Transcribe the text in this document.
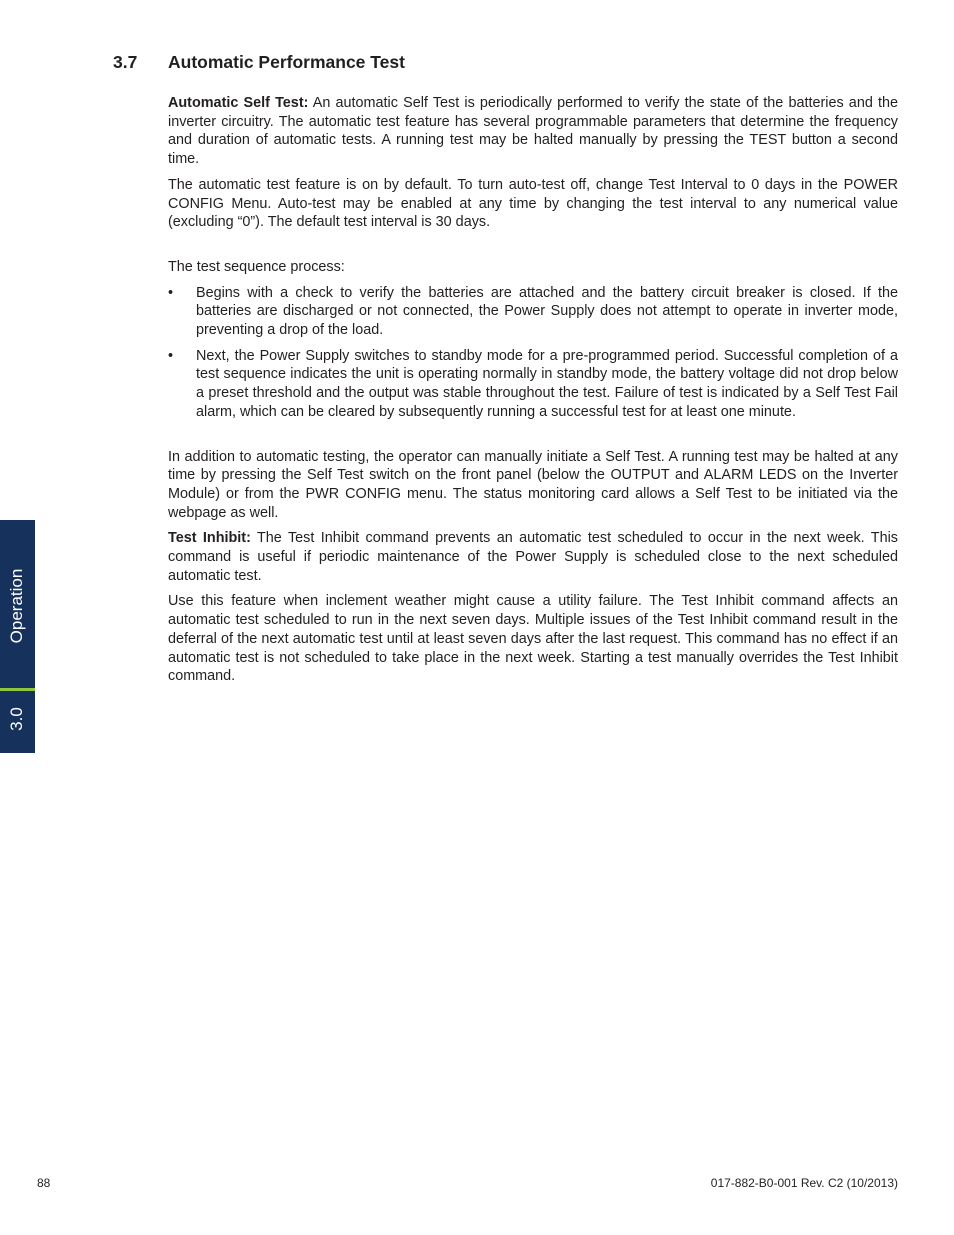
3.7 Automatic Performance Test

Automatic Self Test: An automatic Self Test is periodically performed to verify the state of the batteries and the inverter circuitry. The automatic test feature has several programmable parameters that determine the frequency and duration of automatic tests. A running test may be halted manually by pressing the TEST button a second time.

The automatic test feature is on by default. To turn auto-test off, change Test Interval to 0 days in the POWER CONFIG Menu. Auto-test may be enabled at any time by changing the test interval to any numerical value (excluding “0”). The default test interval is 30 days.

The test sequence process:

• Begins with a check to verify the batteries are attached and the battery circuit breaker is closed. If the batteries are discharged or not connected, the Power Supply does not attempt to operate in inverter mode, preventing a drop of the load.
• Next, the Power Supply switches to standby mode for a pre-programmed period. Successful completion of a test sequence indicates the unit is operating normally in standby mode, the battery voltage did not drop below a preset threshold and the output was stable throughout the test. Failure of test is indicated by a Self Test Fail alarm, which can be cleared by subsequently running a successful test for at least one minute.

In addition to automatic testing, the operator can manually initiate a Self Test. A running test may be halted at any time by pressing the Self Test switch on the front panel (below the OUTPUT and ALARM LEDS on the Inverter Module) or from the PWR CONFIG menu. The status monitoring card allows a Self Test to be initiated via the webpage as well.

Test Inhibit: The Test Inhibit command prevents an automatic test scheduled to occur in the next week. This command is useful if periodic maintenance of the Power Supply is scheduled close to the next scheduled automatic test.

Use this feature when inclement weather might cause a utility failure. The Test Inhibit command affects an automatic test scheduled to run in the next seven days. Multiple issues of the Test Inhibit command result in the deferral of the next automatic test until at least seven days after the last request. This command has no effect if an automatic test is not scheduled to take place in the next week. Starting a test manually overrides the Test Inhibit command.

Operation
3.0
88	017-882-B0-001 Rev. C2 (10/2013)
